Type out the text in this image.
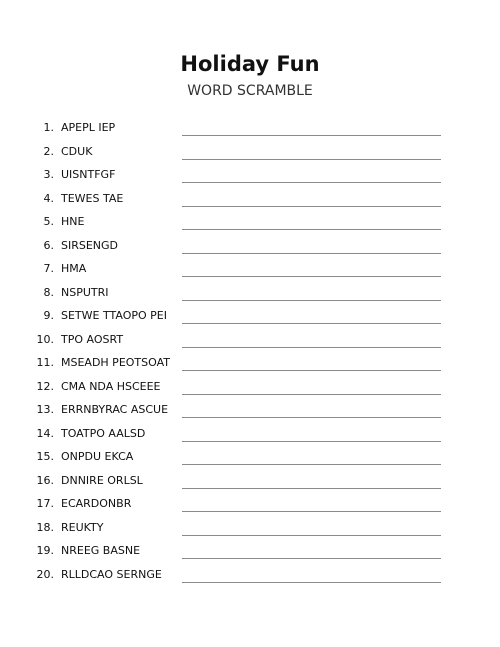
Holiday Fun
WORD SCRAMBLE
1. APEPL IEP
2. CDUK
3. UISNTFGF
4. TEWES TAE
5. HNE
6. SIRSENGD
7. HMA
8. NSPUTRI
9. SETWE TTAOPO PEI
10. TPO AOSRT
11. MSEADH PEOTSOAT
12. CMA NDA HSCEEE
13. ERRNBYRAC ASCUE
14. TOATPO AALSD
15. ONPDU EKCA
16. DNNIRE ORLSL
17. ECARDONBR
18. REUKTY
19. NREEG BASNE
20. RLLDCAO SERNGE
